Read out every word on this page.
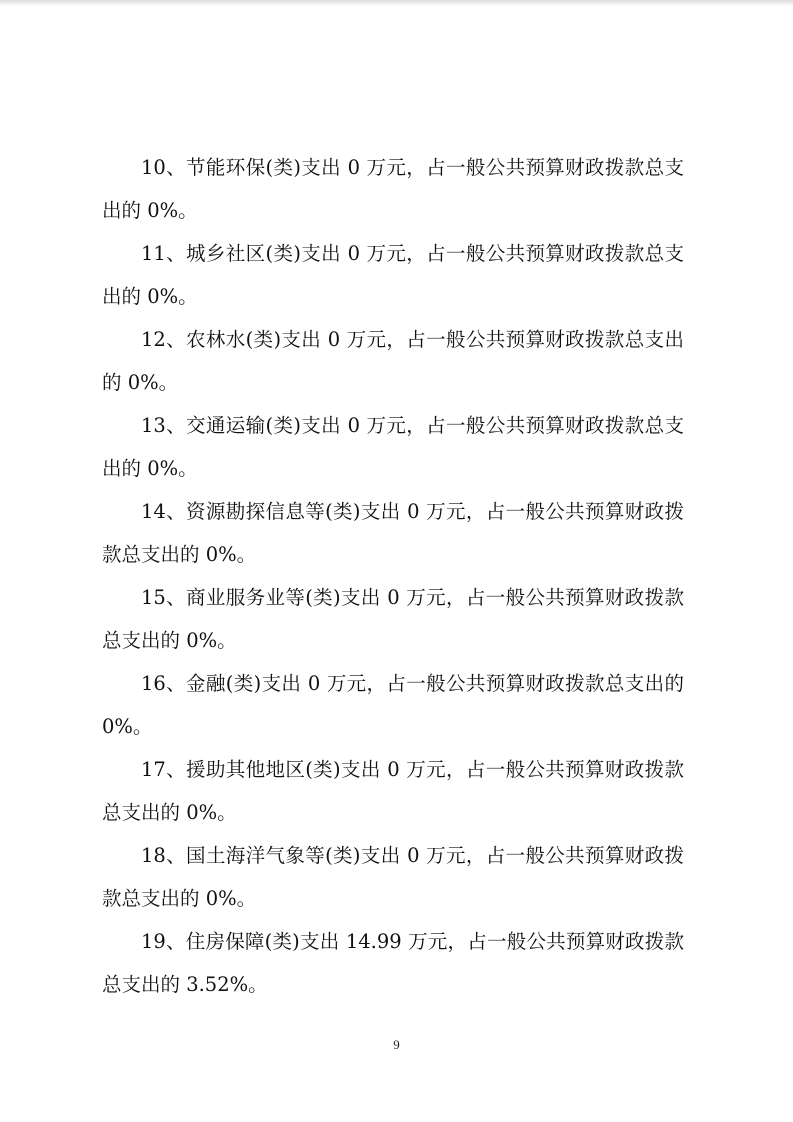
10、节能环保(类)支出 0 万元，占一般公共预算财政拨款总支出的 0%。

11、城乡社区(类)支出 0 万元，占一般公共预算财政拨款总支出的 0%。

12、农林水(类)支出 0 万元，占一般公共预算财政拨款总支出的 0%。

13、交通运输(类)支出 0 万元，占一般公共预算财政拨款总支出的 0%。

14、资源勘探信息等(类)支出 0 万元，占一般公共预算财政拨款总支出的 0%。

15、商业服务业等(类)支出 0 万元，占一般公共预算财政拨款总支出的 0%。

16、金融(类)支出 0 万元，占一般公共预算财政拨款总支出的 0%。

17、援助其他地区(类)支出 0 万元，占一般公共预算财政拨款总支出的 0%。

18、国土海洋气象等(类)支出 0 万元，占一般公共预算财政拨款总支出的 0%。

19、住房保障(类)支出 14.99 万元，占一般公共预算财政拨款总支出的 3.52%。

9
